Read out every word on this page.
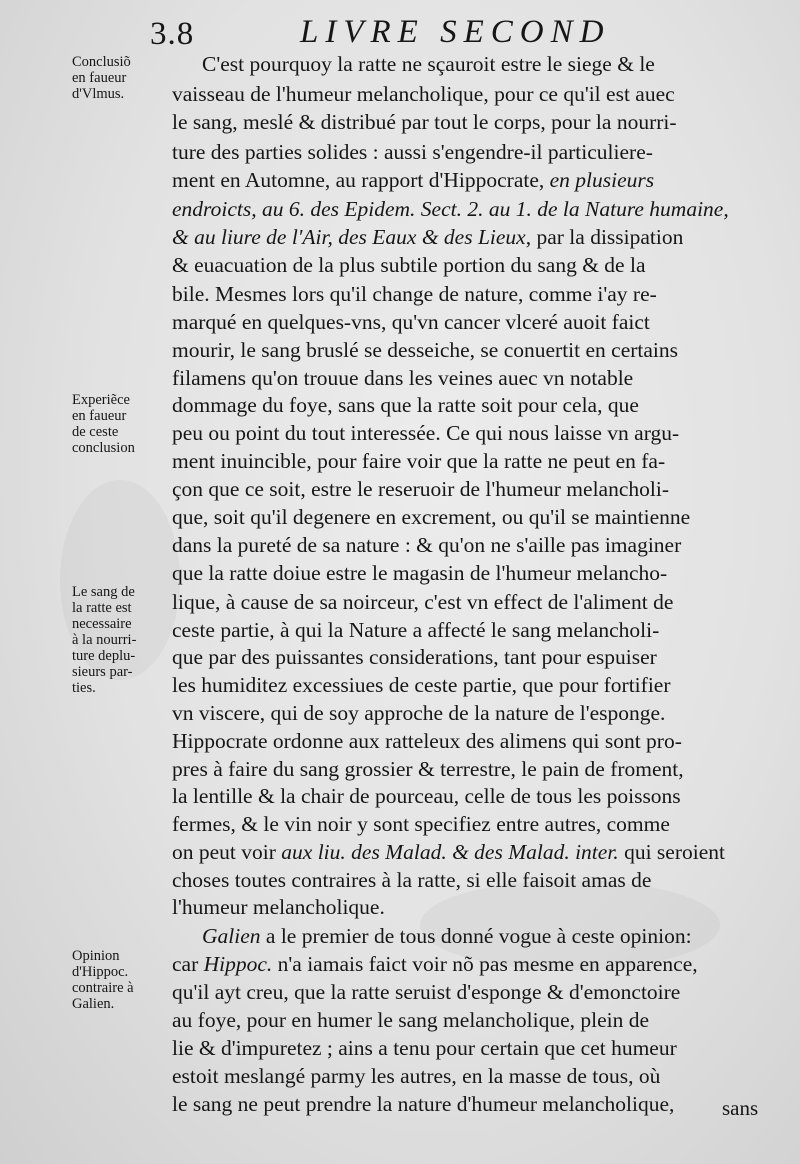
3.8	LIVRE SECOND
Conclusiõ
en faueur
d'Vlmus.
Experiẽce
en faueur
de ceste
conclusion
Le sang de
la ratte est
necessaire
à la nourri-
ture deplu-
sieurs par-
ties.
Opinion
d'Hippoc.
contraire à
Galien.
C'est pourquoy la ratte ne sçauroit estre le siege & le
vaisseau de l'humeur melancholique, pour ce qu'il est auec
le sang, meslé & distribué par tout le corps, pour la nourri-
ture des parties solides : aussi s'engendre-il particuliere-
ment en Automne, au rapport d'Hippocrate, en plusieurs
endroicts, au 6. des Epidem. Sect. 2. au 1. de la Nature humaine,
& au liure de l'Air, des Eaux & des Lieux, par la dissipation
& euacuation de la plus subtile portion du sang & de la
bile. Mesmes lors qu'il change de nature, comme i'ay re-
marqué en quelques-vns, qu'vn cancer vlceré auoit faict
mourir, le sang bruslé se desseiche, se conuertit en certains
filamens qu'on trouue dans les veines auec vn notable
dommage du foye, sans que la ratte soit pour cela, que
peu ou point du tout interessée. Ce qui nous laisse vn argu-
ment inuincible, pour faire voir que la ratte ne peut en fa-
çon que ce soit, estre le reseruoir de l'humeur melancholi-
que, soit qu'il degenere en excrement, ou qu'il se maintienne
dans la pureté de sa nature : & qu'on ne s'aille pas imaginer
que la ratte doiue estre le magasin de l'humeur melancho-
lique, à cause de sa noirceur, c'est vn effect de l'aliment de
ceste partie, à qui la Nature a affecté le sang melancholi-
que par des puissantes considerations, tant pour espuiser
les humiditez excessiues de ceste partie, que pour fortifier
vn viscere, qui de soy approche de la nature de l'esponge.
Hippocrate ordonne aux ratteleux des alimens qui sont pro-
pres à faire du sang grossier & terrestre, le pain de froment,
la lentille & la chair de pourceau, celle de tous les poissons
fermes, & le vin noir y sont specifiez entre autres, comme
on peut voir aux liu. des Malad. & des Malad. inter. qui seroient
choses toutes contraires à la ratte, si elle faisoit amas de
l'humeur melancholique.
Galien a le premier de tous donné vogue à ceste opinion:
car Hippoc. n'a iamais faict voir nõ pas mesme en apparence,
qu'il ayt creu, que la ratte seruist d'esponge & d'emonctoire
au foye, pour en humer le sang melancholique, plein de
lie & d'impuretez ; ains a tenu pour certain que cet humeur
estoit meslangé parmy les autres, en la masse de tous, où
le sang ne peut prendre la nature d'humeur melancholique, sans
